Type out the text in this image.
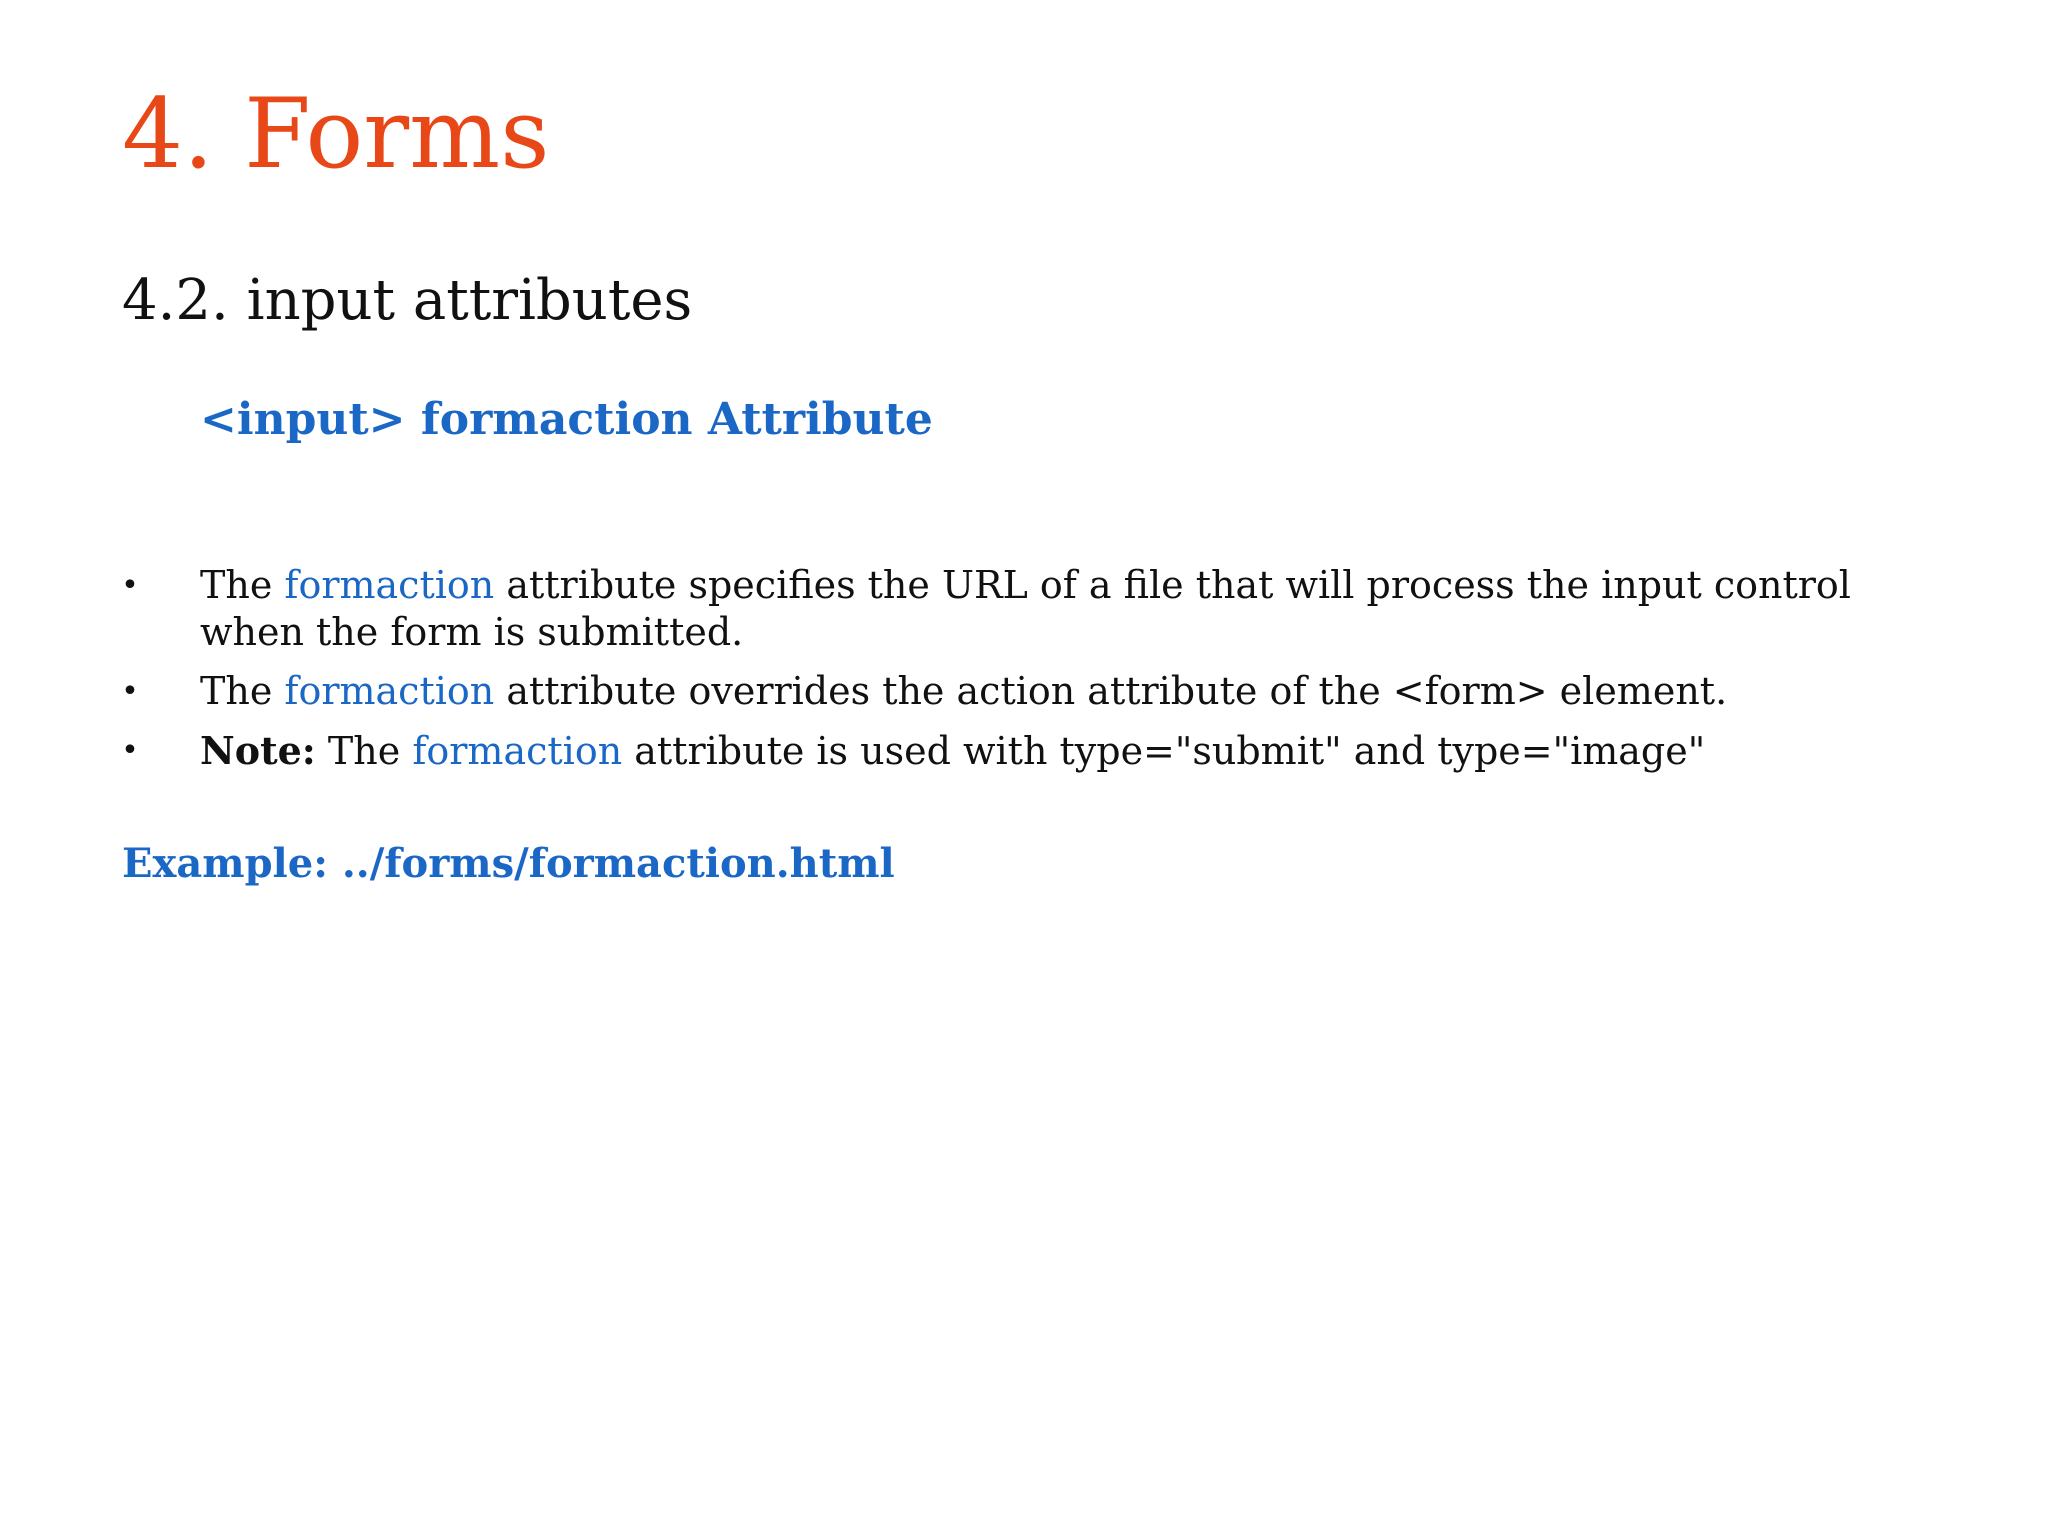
4. Forms
4.2. input attributes
<input> formaction Attribute
• The formaction attribute specifies the URL of a file that will process the input control when the form is submitted.
• The formaction attribute overrides the action attribute of the <form> element.
• Note: The formaction attribute is used with type="submit" and type="image"
Example: ../forms/formaction.html
